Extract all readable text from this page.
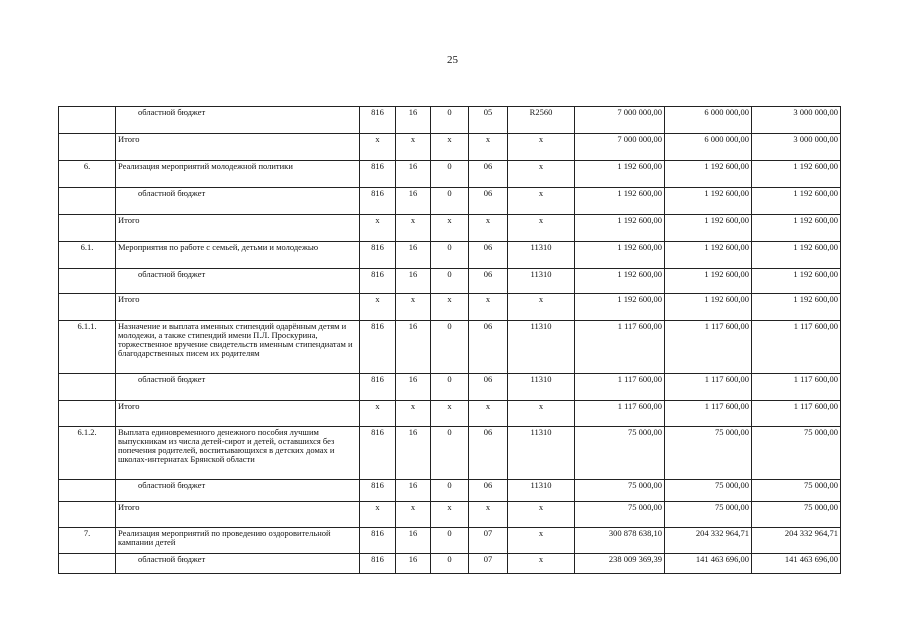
25
	областной бюджет	816	16	0	05	R2560	7 000 000,00	6 000 000,00	3 000 000,00
	Итого	x	x	x	x	x	7 000 000,00	6 000 000,00	3 000 000,00
6.	Реализация мероприятий молодежной политики	816	16	0	06	x	1 192 600,00	1 192 600,00	1 192 600,00
	областной бюджет	816	16	0	06	x	1 192 600,00	1 192 600,00	1 192 600,00
	Итого	x	x	x	x	x	1 192 600,00	1 192 600,00	1 192 600,00
6.1.	Мероприятия по работе с семьей, детьми и молодежью	816	16	0	06	11310	1 192 600,00	1 192 600,00	1 192 600,00
	областной бюджет	816	16	0	06	11310	1 192 600,00	1 192 600,00	1 192 600,00
	Итого	x	x	x	x	x	1 192 600,00	1 192 600,00	1 192 600,00
6.1.1.	Назначение и выплата именных стипендий одарённым детям и молодежи, а также стипендий имени П.Л. Проскурина, торжественное вручение свидетельств именным стипендиатам и благодарственных писем их родителям	816	16	0	06	11310	1 117 600,00	1 117 600,00	1 117 600,00
	областной бюджет	816	16	0	06	11310	1 117 600,00	1 117 600,00	1 117 600,00
	Итого	x	x	x	x	x	1 117 600,00	1 117 600,00	1 117 600,00
6.1.2.	Выплата единовременного денежного пособия лучшим выпускникам из числа детей-сирот и детей, оставшихся без попечения родителей, воспитывающихся в детских домах и школах-интернатах Брянской области	816	16	0	06	11310	75 000,00	75 000,00	75 000,00
	областной бюджет	816	16	0	06	11310	75 000,00	75 000,00	75 000,00
	Итого	x	x	x	x	x	75 000,00	75 000,00	75 000,00
7.	Реализация мероприятий по проведению оздоровительной кампании детей	816	16	0	07	x	300 878 638,10	204 332 964,71	204 332 964,71
	областной бюджет	816	16	0	07	x	238 009 369,39	141 463 696,00	141 463 696,00
